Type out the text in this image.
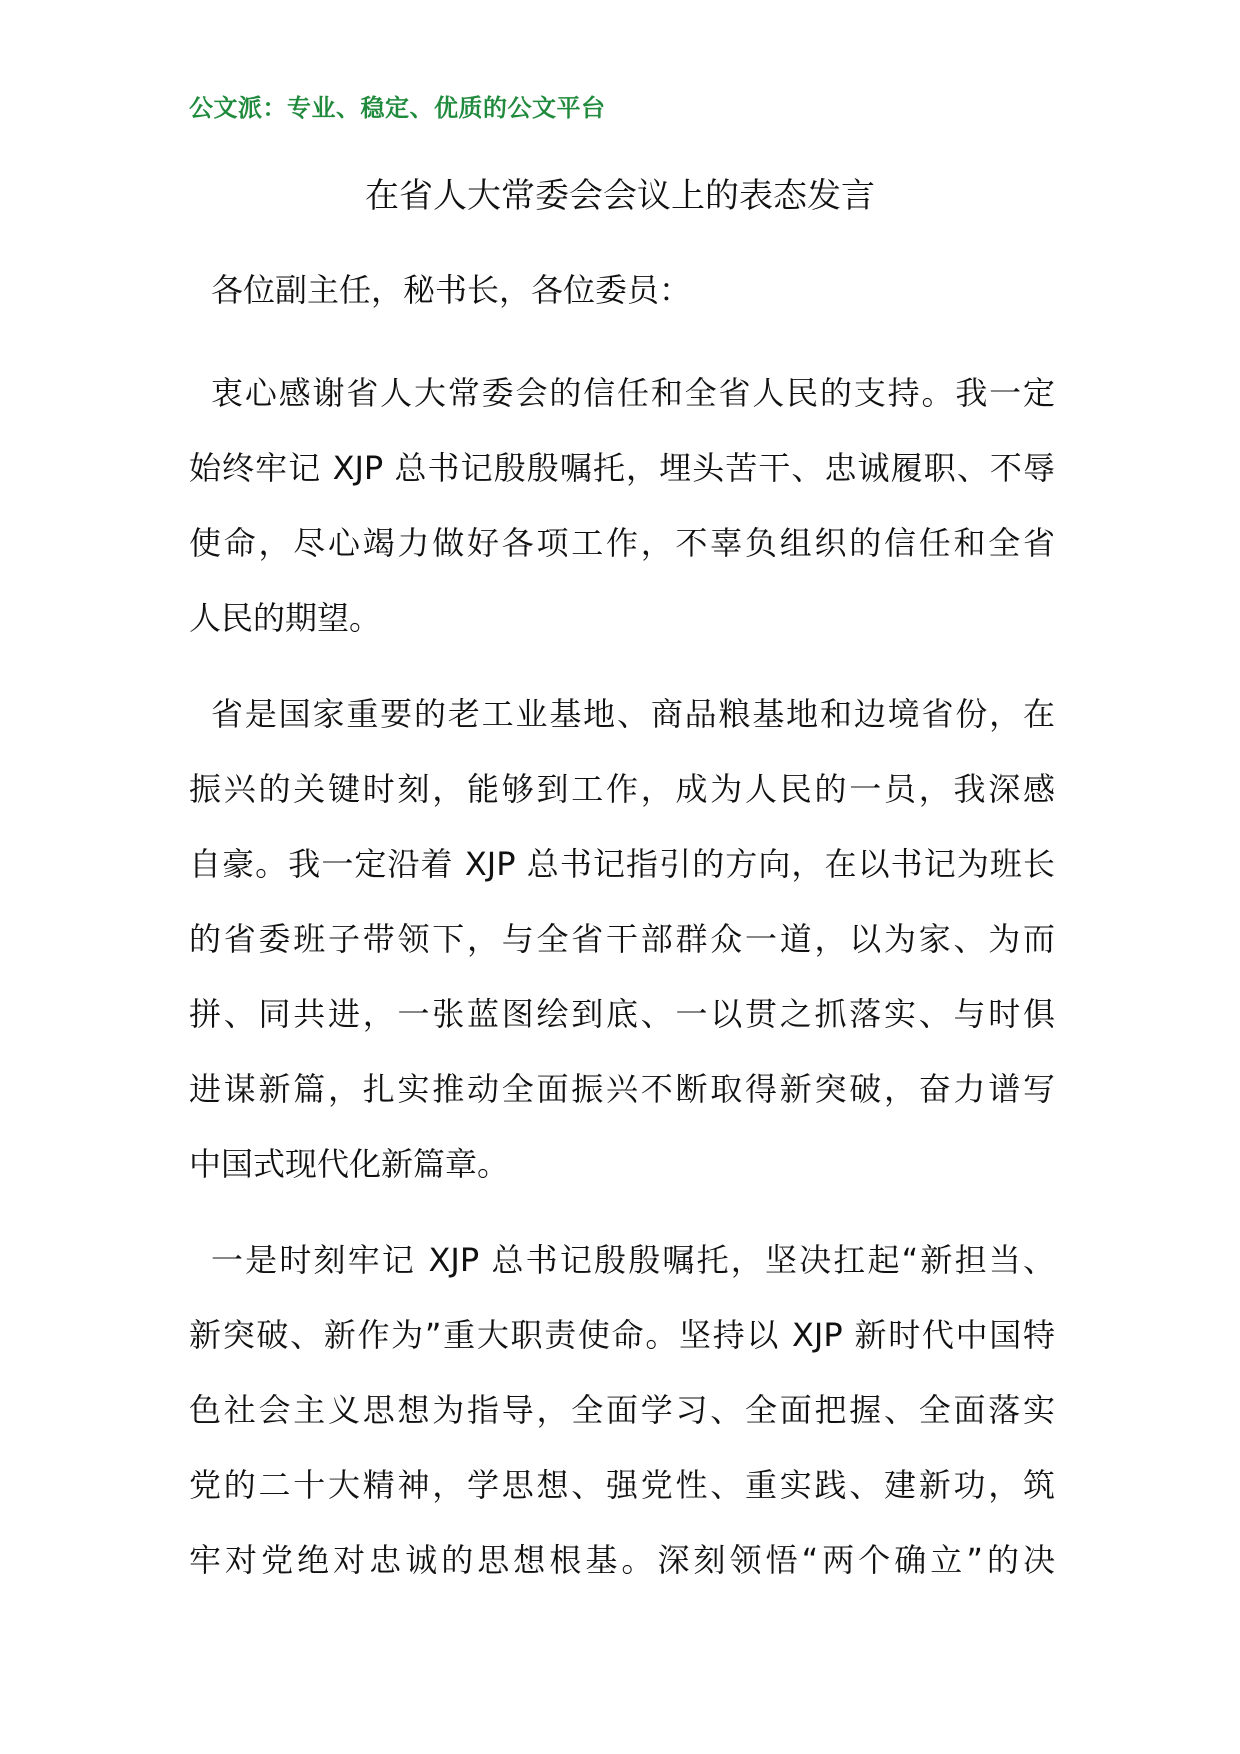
公文派：专业、稳定、优质的公文平台
在省人大常委会会议上的表态发言
各位副主任，秘书长，各位委员：

衷心感谢省人大常委会的信任和全省人民的支持。我一定
始终牢记 XJP 总书记殷殷嘱托，埋头苦干、忠诚履职、不辱
使命，尽心竭力做好各项工作，不辜负组织的信任和全省
人民的期望。

省是国家重要的老工业基地、商品粮基地和边境省份，在
振兴的关键时刻，能够到工作，成为人民的一员，我深感
自豪。我一定沿着 XJP 总书记指引的方向，在以书记为班长
的省委班子带领下，与全省干部群众一道，以为家、为而
拼、同共进，一张蓝图绘到底、一以贯之抓落实、与时俱
进谋新篇，扎实推动全面振兴不断取得新突破，奋力谱写
中国式现代化新篇章。

一是时刻牢记 XJP 总书记殷殷嘱托，坚决扛起“新担当、
新突破、新作为”重大职责使命。坚持以 XJP 新时代中国特
色社会主义思想为指导，全面学习、全面把握、全面落实
党的二十大精神，学思想、强党性、重实践、建新功，筑
牢对党绝对忠诚的思想根基。深刻领悟“两个确立”的决
